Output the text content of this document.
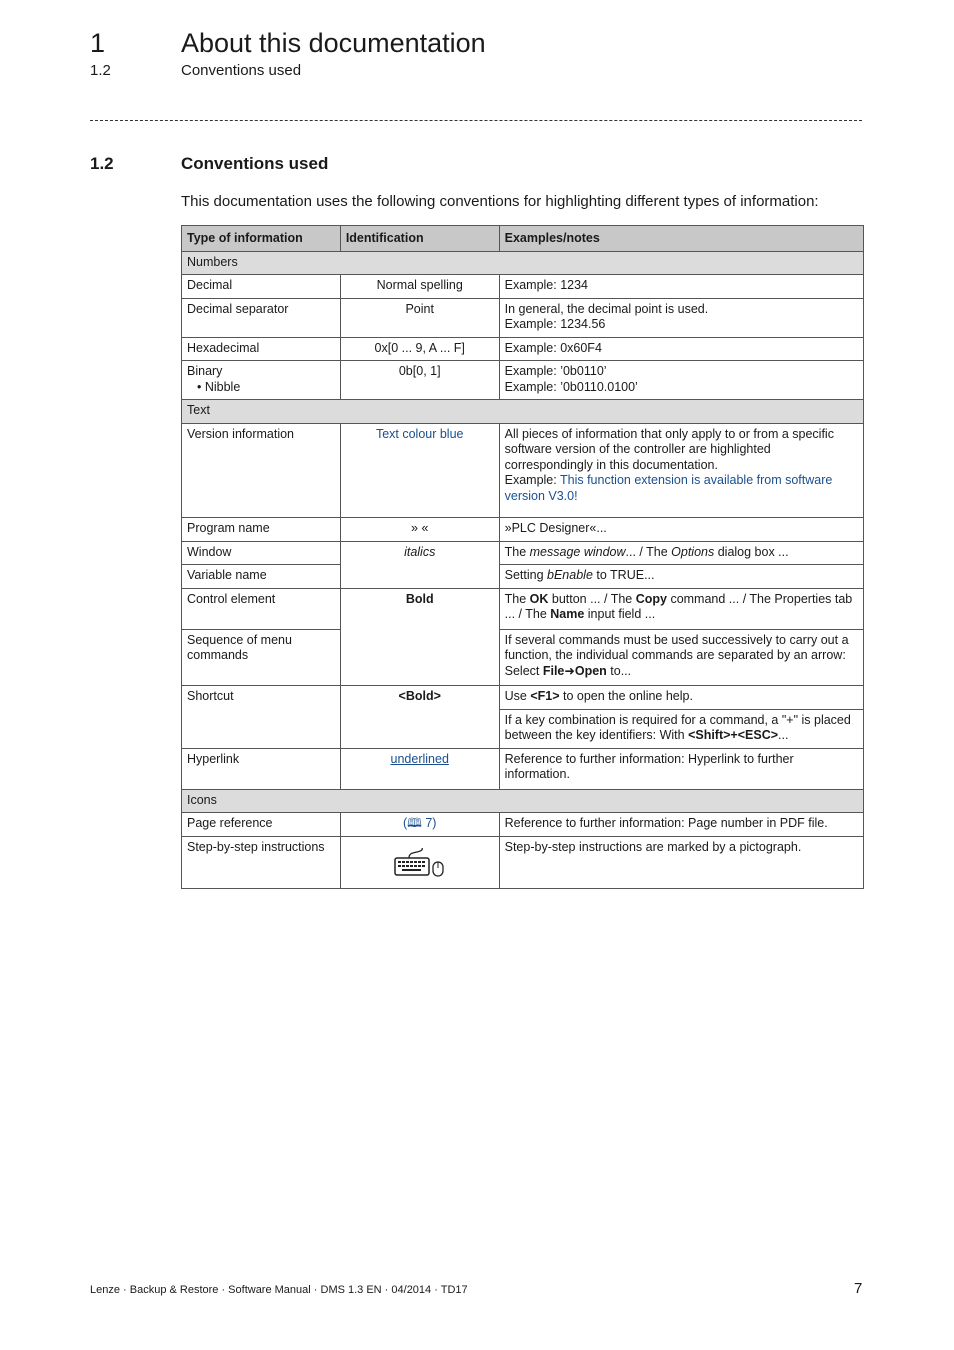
1	About this documentation
1.2	Conventions used
1.2	Conventions used
This documentation uses the following conventions for highlighting different types of information:
Type of information	Identification	Examples/notes
Numbers		
Decimal	Normal spelling	Example: 1234
Decimal separator	Point	In general, the decimal point is used.
Example: 1234.56

Hexadecimal	0x[0 ... 9, A ... F]	Example: 0x60F4

Binary
• Nibble	0b[0, 1]	Example: ’0b0110’
Example: ’0b0110.0100’

Text		
Version information	Text colour blue	All pieces of information that only apply to or from a specific software version of the controller are highlighted correspondingly in this documentation.
Example: This function extension is available from software version V3.0!

Program name	» «	»PLC Designer«...
Window	italics	The message window... / The Options dialog box ...
Variable name		Setting bEnable to TRUE...
Control element	Bold	The OK button ... / The Copy command ... / The Properties tab ... / The Name input field ...
Sequence of menu commands		If several commands must be used successively to carry out a function, the individual commands are separated by an arrow: Select File➜Open to...
Shortcut	<Bold>	Use <F1> to open the online help.
		If a key combination is required for a command, a "+" is placed between the key identifiers: With <Shift>+<ESC>...
Hyperlink	underlined	Reference to further information: Hyperlink to further information.
Icons		
Page reference	(🕮 7)	Reference to further information: Page number in PDF file.
Step-by-step instructions		Step-by-step instructions are marked by a pictograph.
Lenze · Backup & Restore · Software Manual · DMS 1.3 EN · 04/2014 · TD17	7
